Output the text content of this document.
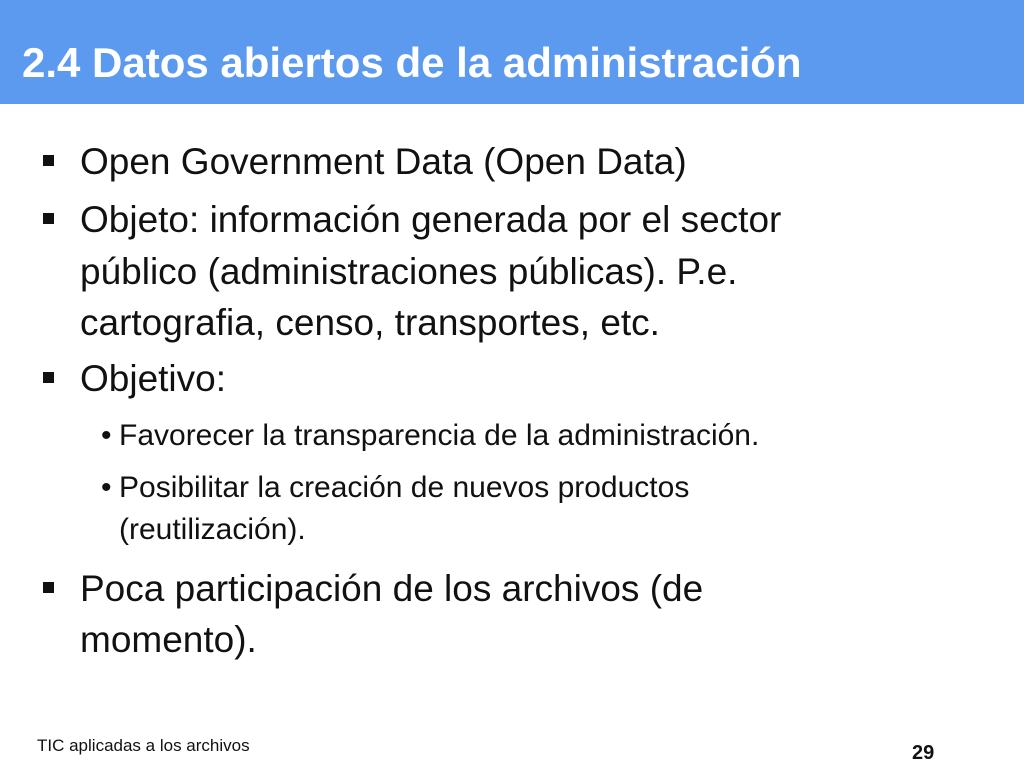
2.4 Datos abiertos de la administración
Open Government Data (Open Data)
Objeto: información generada por el sector
público (administraciones públicas). P.e.
cartografia, censo, transportes, etc.
Objetivo:
• Favorecer la transparencia de la administración.
• Posibilitar la creación de nuevos productos
(reutilización).
Poca participación de los archivos (de
momento).
TIC aplicadas a los archivos	29
